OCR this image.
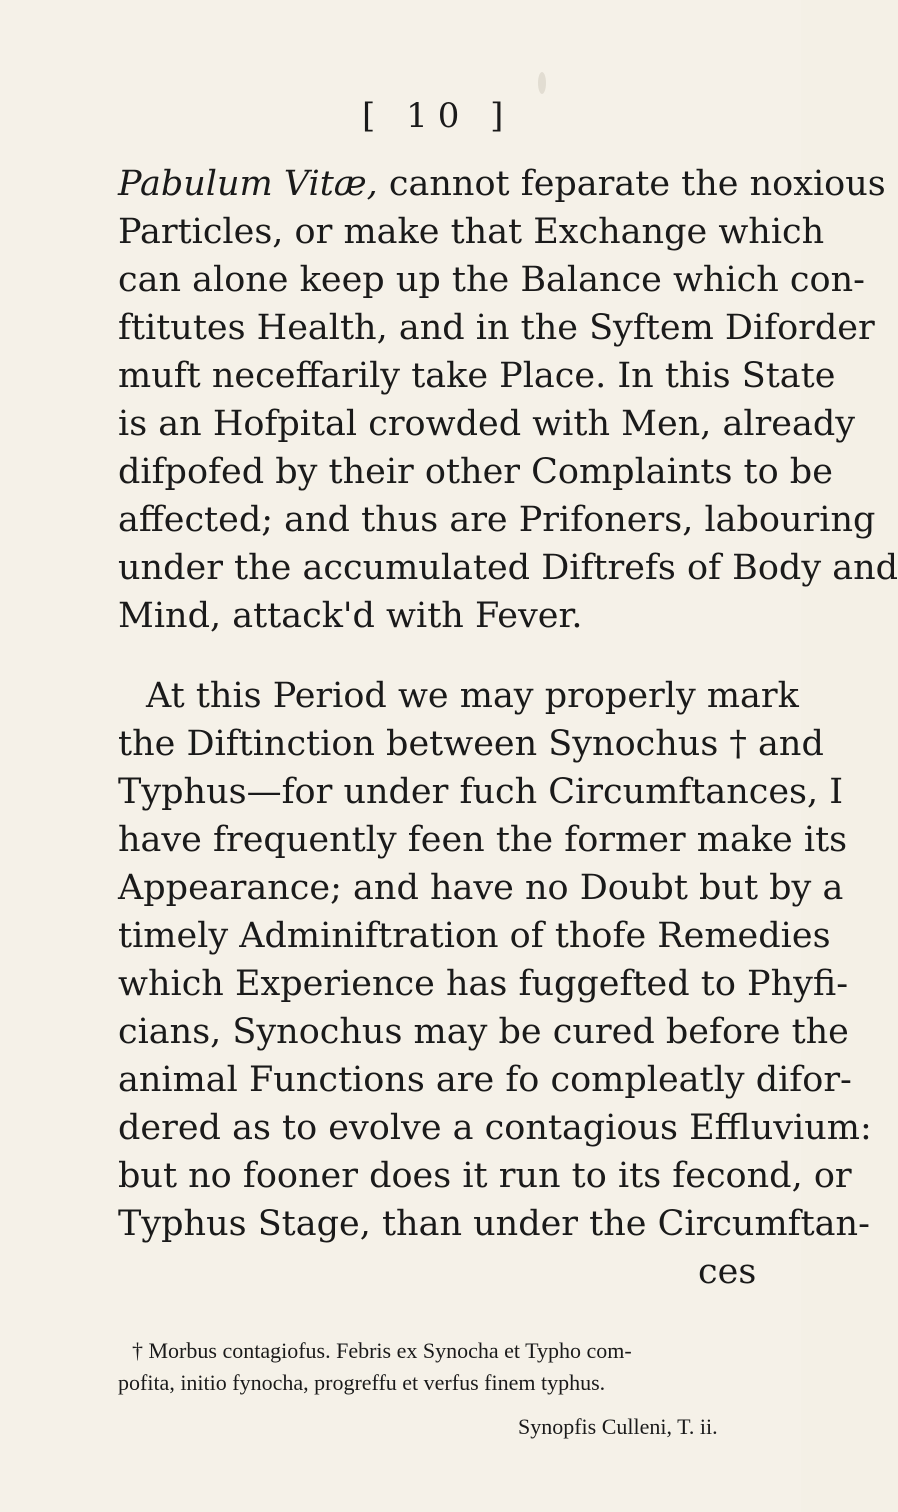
[ 10 ]
Pabulum Vitæ, cannot feparate the noxious
Particles, or make that Exchange which
can alone keep up the Balance which con-
ftitutes Health, and in the Syftem Diforder
muft neceffarily take Place. In this State
is an Hofpital crowded with Men, already
difpofed by their other Complaints to be
affected; and thus are Prifoners, labouring
under the accumulated Diftrefs of Body and
Mind, attack'd with Fever.
At this Period we may properly mark
the Diftinction between Synochus † and
Typhus—for under fuch Circumftances, I
have frequently feen the former make its
Appearance; and have no Doubt but by a
timely Adminiftration of thofe Remedies
which Experience has fuggefted to Phyfi-
cians, Synochus may be cured before the
animal Functions are fo compleatly difor-
dered as to evolve a contagious Effluvium:
but no fooner does it run to its fecond, or
Typhus Stage, than under the Circumftan-
ces
† Morbus contagiofus. Febris ex Synocha et Typho com-
pofita, initio fynocha, progreffu et verfus finem typhus.
Synopfis Culleni, T. ii.
